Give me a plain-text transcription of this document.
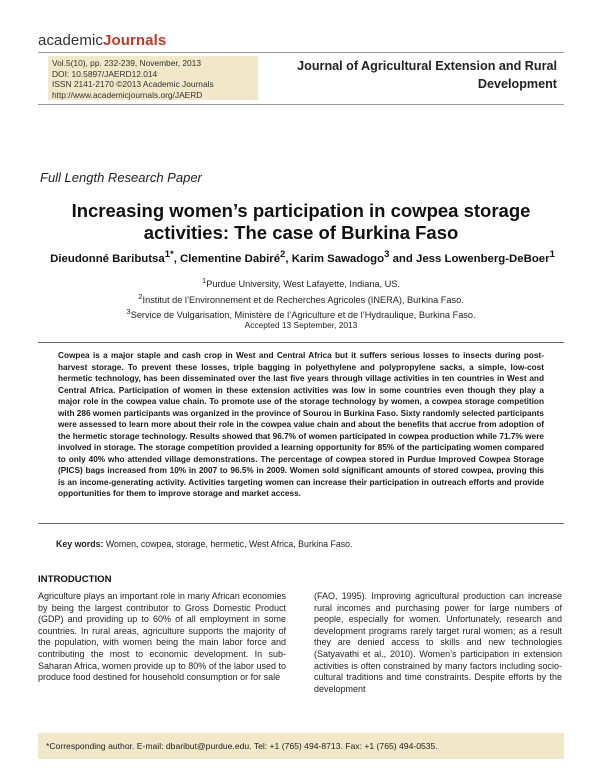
academicJournals
Vol.5(10), pp. 232-239, November, 2013
DOI: 10.5897/JAERD12.014
ISSN 2141-2170 ©2013 Academic Journals
http://www.academicjournals.org/JAERD
Journal of Agricultural Extension and Rural Development
Full Length Research Paper
Increasing women’s participation in cowpea storage activities: The case of Burkina Faso
Dieudonné Baributsa$^{1*}$, Clementine Dabiré$^2$, Karim Sawadogo$^3$ and Jess Lowenberg-DeBoer$^1$
$^1$Purdue University, West Lafayette, Indiana, US.
$^2$Institut de l’Environnement et de Recherches Agricoles (INERA), Burkina Faso.
$^3$Service de Vulgarisation, Ministère de l’Agriculture et de l’Hydraulique, Burkina Faso.
Accepted 13 September, 2013

Cowpea is a major staple and cash crop in West and Central Africa but it suffers serious losses to insects during post-harvest storage. To prevent these losses, triple bagging in polyethylene and polypropylene sacks, a simple, low-cost hermetic technology, has been disseminated over the last five years through village activities in ten countries in West and Central Africa. Participation of women in these extension activities was low in some countries even though they play a major role in the cowpea value chain. To promote use of the storage technology by women, a cowpea storage competition with 286 women participants was organized in the province of Sourou in Burkina Faso. Sixty randomly selected participants were assessed to learn more about their role in the cowpea value chain and about the benefits that accrue from adoption of the hermetic storage technology. Results showed that 96.7% of women participated in cowpea production while 71.7% were involved in storage. The storage competition provided a learning opportunity for 85% of the participating women compared to only 40% who attended village demonstrations. The percentage of cowpea stored in Purdue Improved Cowpea Storage (PICS) bags increased from 10% in 2007 to 96.5% in 2009. Women sold significant amounts of stored cowpea, proving this is an income-generating activity. Activities targeting women can increase their participation in outreach efforts and provide opportunities for them to improve storage and market access.

Key words: Women, cowpea, storage, hermetic, West Africa, Burkina Faso.
INTRODUCTION

Agriculture plays an important role in many African economies by being the largest contributor to Gross Domestic Product (GDP) and providing up to 60% of all employment in some countries. In rural areas, agriculture supports the majority of the population, with women being the main labor force and contributing the most to economic development. In sub-Saharan Africa, women provide up to 80% of the labor used to produce food destined for household consumption or for sale

(FAO, 1995). Improving agricultural production can increase rural incomes and purchasing power for large numbers of people, especially for women. Unfortunately, research and development programs rarely target rural women; as a result they are denied access to skills and new technologies (Satyavathi et al., 2010). Women’s participation in extension activities is often constrained by many factors including socio-cultural traditions and time constraints. Despite efforts by the development

*Corresponding author. E-mail: dbaribut@purdue.edu. Tel: +1 (765) 494-8713. Fax: +1 (765) 494-0535.
